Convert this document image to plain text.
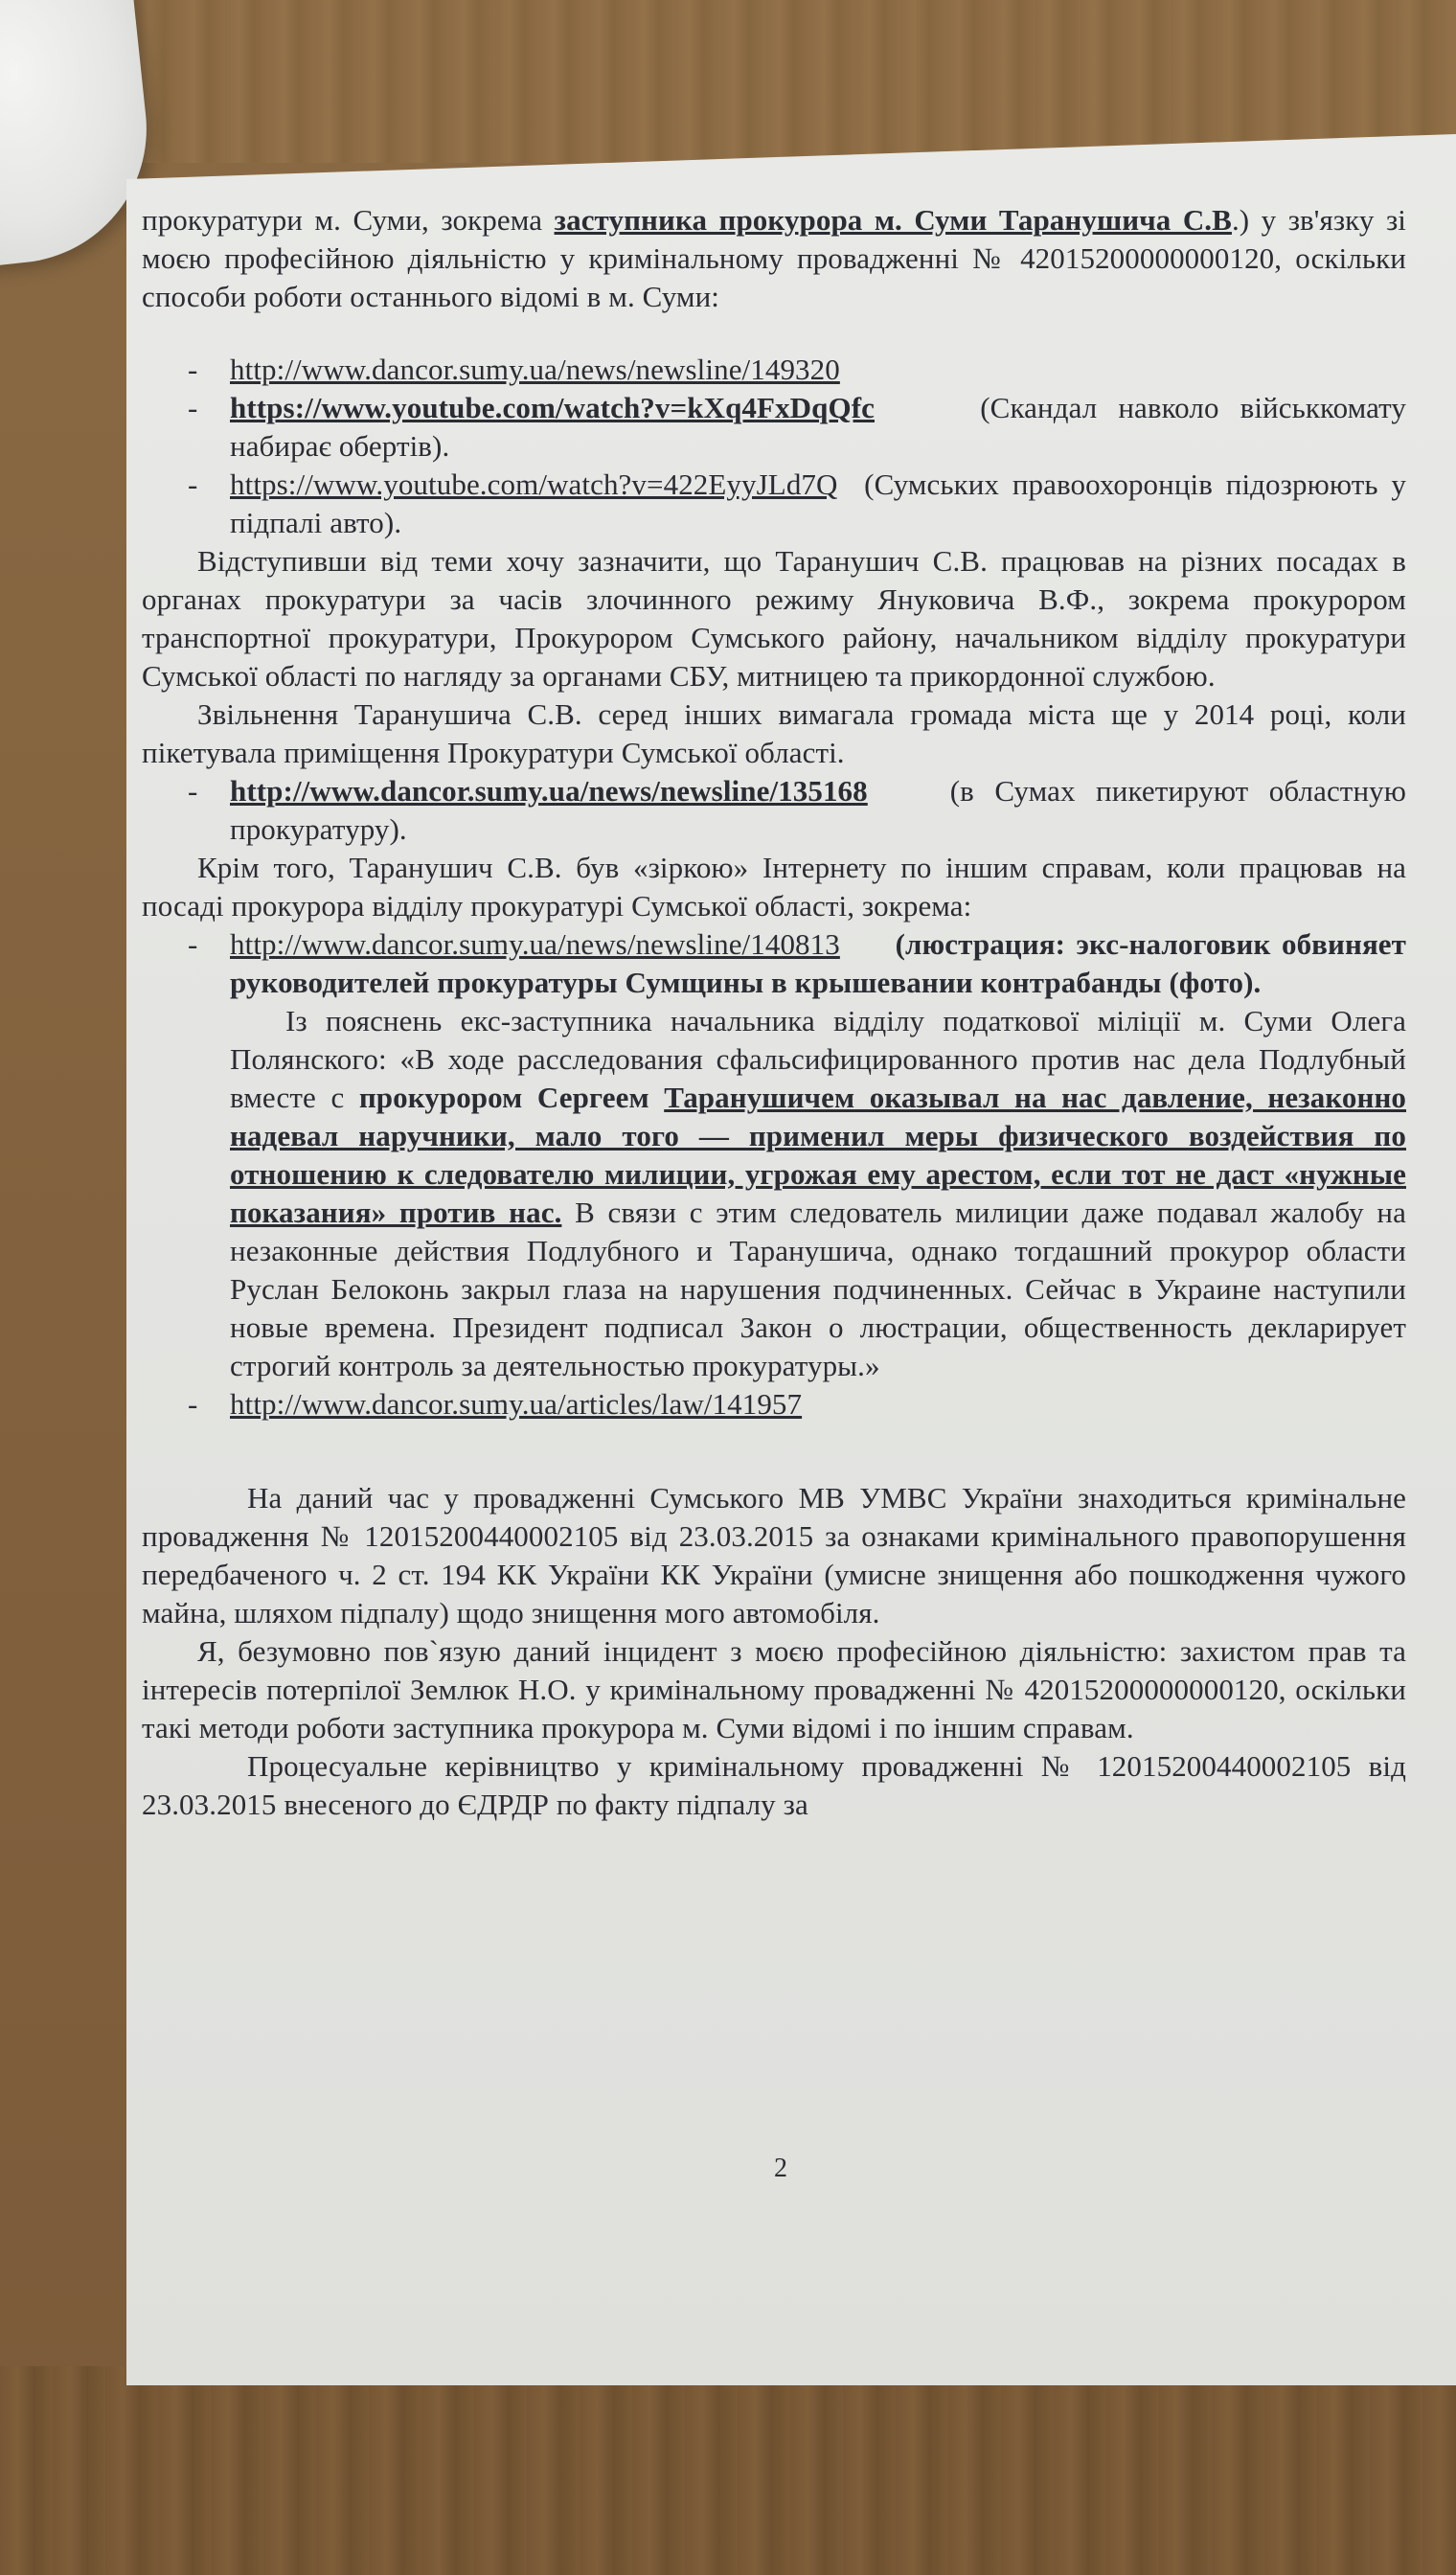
прокуратури м. Суми, зокрема заступника прокурора м. Суми Таранушича С.В.) у зв'язку зі моєю професійною діяльністю у кримінальному провадженні № 42015200000000120, оскільки способи роботи останнього відомі в м. Суми:

- http://www.dancor.sumy.ua/news/newsline/149320
- https://www.youtube.com/watch?v=kXq4FxDqQfc	(Скандал навколо військкомату набирає обертів).

- https://www.youtube.com/watch?v=422EyyJLd7Q (Сумських правоохоронців підозрюють у підпалі авто).

Відступивши від теми хочу зазначити, що Таранушич С.В. працював на різних посадах в органах прокуратури за часів злочинного режиму Януковича В.Ф., зокрема прокурором транспортної прокуратури, Прокурором Сумського району, начальником відділу прокуратури Сумської області по нагляду за органами СБУ, митницею та прикордонної службою.

Звільнення Таранушича С.В. серед інших вимагала громада міста ще у 2014 році, коли пікетувала приміщення Прокуратури Сумської області.

- http://www.dancor.sumy.ua/news/newsline/135168	(в Сумах пикетируют областную прокуратуру).

Крім того, Таранушич С.В. був «зіркою» Інтернету по іншим справам, коли працював на посаді прокурора відділу прокуратурі Сумської області, зокрема:

- http://www.dancor.sumy.ua/news/newsline/140813 (люстрация: экс-налоговик обвиняет руководителей прокуратуры Сумщины в крышевании контрабанды (фото).

Із пояснень екс-заступника начальника відділу податкової міліції м. Суми Олега Полянского: «В ходе расследования сфальсифицированного против нас дела Подлубный вместе с прокурором Сергеем Таранушичем оказывал на нас давление, незаконно надевал наручники, мало того — применил меры физического воздействия по отношению к следователю милиции, угрожая ему арестом, если тот не даст «нужные показания» против нас. В связи с этим следователь милиции даже подавал жалобу на незаконные действия Подлубного и Таранушича, однако тогдашний прокурор области Руслан Белоконь закрыл глаза на нарушения подчиненных. Сейчас в Украине наступили новые времена. Президент подписал Закон о люстрации, общественность декларирует строгий контроль за деятельностью прокуратуры.»

- http://www.dancor.sumy.ua/articles/law/141957

На даний час у провадженні Сумського МВ УМВС України знаходиться кримінальне провадження № 12015200440002105 від 23.03.2015 за ознаками кримінального правопорушення передбаченого ч. 2 ст. 194 КК України КК України (умисне знищення або пошкодження чужого майна, шляхом підпалу) щодо знищення мого автомобіля.

Я, безумовно пов`язую даний інцидент з моєю професійною діяльністю: захистом прав та інтересів потерпілої Землюк Н.О. у кримінальному провадженні № 42015200000000120, оскільки такі методи роботи заступника прокурора м. Суми відомі і по іншим справам.

Процесуальне керівництво у кримінальному провадженні № 12015200440002105 від 23.03.2015 внесеного до ЄДРДР по факту підпалу за

2
